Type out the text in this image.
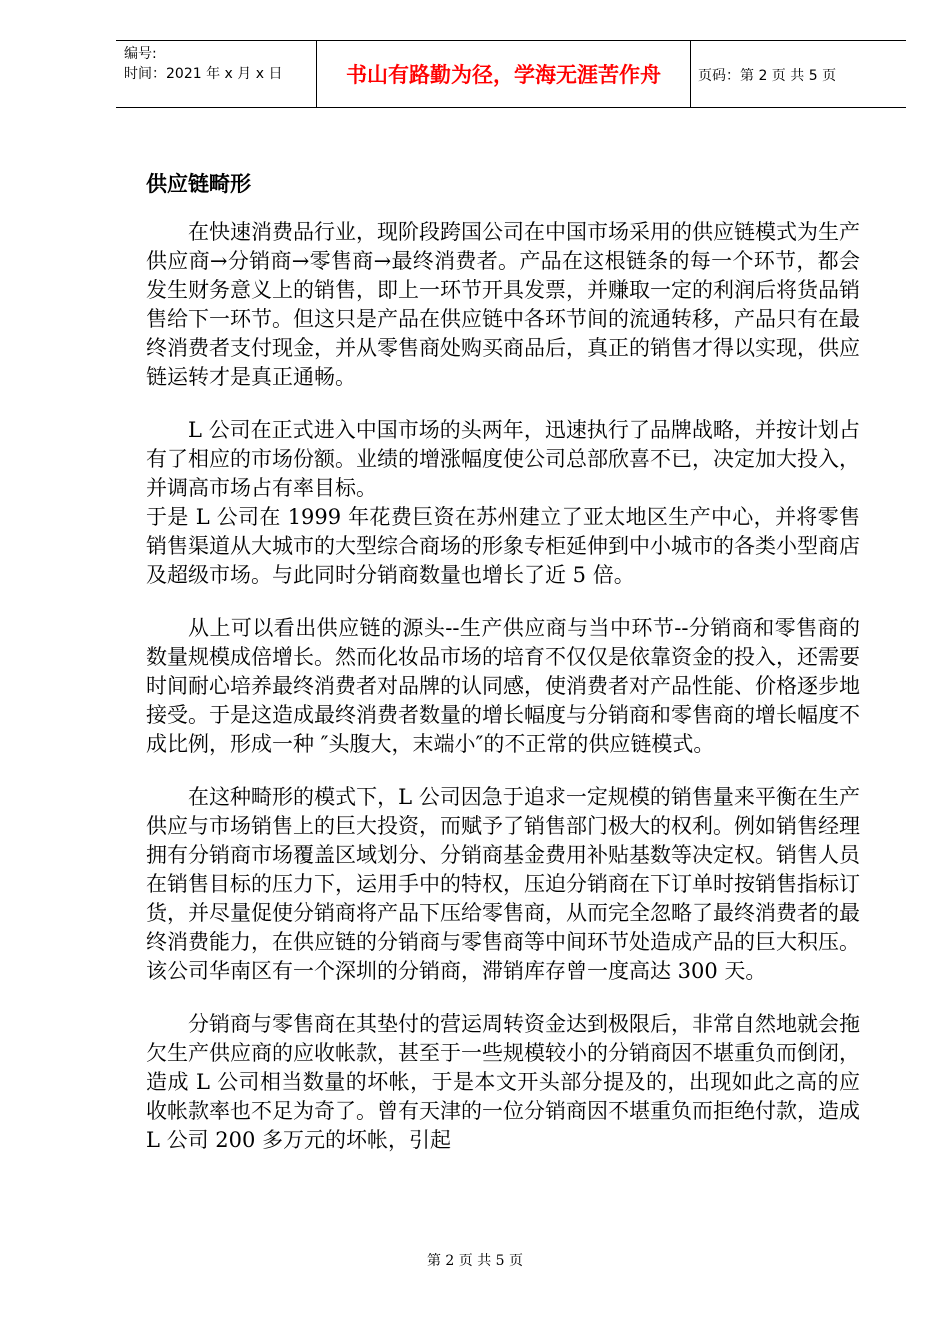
编号:
时间：2021 年 x 月 x 日	书山有路勤为径，学海无涯苦作舟	页码：第 2 页 共 5 页
供应链畸形

在快速消费品行业，现阶段跨国公司在中国市场采用的供应链模式为生产供应商→分销商→零售商→最终消费者。产品在这根链条的每一个环节，都会发生财务意义上的销售，即上一环节开具发票，并赚取一定的利润后将货品销售给下一环节。但这只是产品在供应链中各环节间的流通转移，产品只有在最终消费者支付现金，并从零售商处购买商品后，真正的销售才得以实现，供应链运转才是真正通畅。

L 公司在正式进入中国市场的头两年，迅速执行了品牌战略，并按计划占有了相应的市场份额。业绩的增涨幅度使公司总部欣喜不已，决定加大投入，并调高市场占有率目标。

于是 L 公司在 1999 年花费巨资在苏州建立了亚太地区生产中心，并将零售销售渠道从大城市的大型综合商场的形象专柜延伸到中小城市的各类小型商店及超级市场。与此同时分销商数量也增长了近 5 倍。

从上可以看出供应链的源头--生产供应商与当中环节--分销商和零售商的数量规模成倍增长。然而化妆品市场的培育不仅仅是依靠资金的投入，还需要时间耐心培养最终消费者对品牌的认同感，使消费者对产品性能、价格逐步地接受。于是这造成最终消费者数量的增长幅度与分销商和零售商的增长幅度不成比例，形成一种 ″头腹大，末端小″的不正常的供应链模式。

在这种畸形的模式下，L 公司因急于追求一定规模的销售量来平衡在生产供应与市场销售上的巨大投资，而赋予了销售部门极大的权利。例如销售经理拥有分销商市场覆盖区域划分、分销商基金费用补贴基数等决定权。销售人员在销售目标的压力下，运用手中的特权，压迫分销商在下订单时按销售指标订货，并尽量促使分销商将产品下压给零售商，从而完全忽略了最终消费者的最终消费能力，在供应链的分销商与零售商等中间环节处造成产品的巨大积压。该公司华南区有一个深圳的分销商，滞销库存曾一度高达 300 天。

分销商与零售商在其垫付的营运周转资金达到极限后，非常自然地就会拖欠生产供应商的应收帐款，甚至于一些规模较小的分销商因不堪重负而倒闭，造成 L 公司相当数量的坏帐，于是本文开头部分提及的，出现如此之高的应收帐款率也不足为奇了。曾有天津的一位分销商因不堪重负而拒绝付款，造成 L 公司 200 多万元的坏帐，引起

第 2 页 共 5 页
